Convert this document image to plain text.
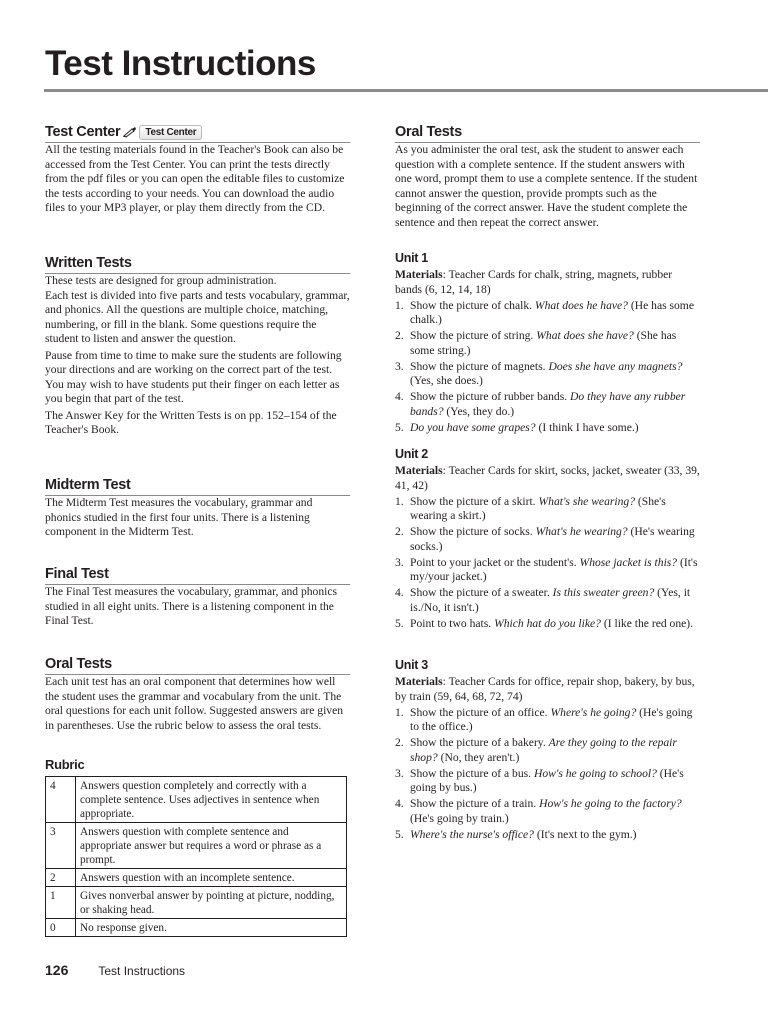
Test Instructions
Test Center	Test Center

All the testing materials found in the Teacher's Book can also be accessed from the Test Center. You can print the tests directly from the pdf files or you can open the editable files to customize the tests according to your needs. You can download the audio files to your MP3 player, or play them directly from the CD.

Written Tests

These tests are designed for group administration.

Each test is divided into five parts and tests vocabulary, grammar, and phonics. All the questions are multiple choice, matching, numbering, or fill in the blank. Some questions require the student to listen and answer the question.

Pause from time to time to make sure the students are following your directions and are working on the correct part of the test. You may wish to have students put their finger on each letter as you begin that part of the test.

The Answer Key for the Written Tests is on pp. 152–154 of the Teacher's Book.

Midterm Test

The Midterm Test measures the vocabulary, grammar and phonics studied in the first four units. There is a listening component in the Midterm Test.

Final Test

The Final Test measures the vocabulary, grammar, and phonics studied in all eight units. There is a listening component in the Final Test.

Oral Tests

Each unit test has an oral component that determines how well the student uses the grammar and vocabulary from the unit. The oral questions for each unit follow. Suggested answers are given in parentheses. Use the rubric below to assess the oral tests.

Rubric
4	Answers question completely and correctly with a complete sentence. Uses adjectives in sentence when appropriate.
3	Answers question with complete sentence and appropriate answer but requires a word or phrase as a prompt.
2	Answers question with an incomplete sentence.
1	Gives nonverbal answer by pointing at picture, nodding, or shaking head.
0	No response given.
Oral Tests

As you administer the oral test, ask the student to answer each question with a complete sentence. If the student answers with one word, prompt them to use a complete sentence. If the student cannot answer the question, provide prompts such as the beginning of the correct answer. Have the student complete the sentence and then repeat the correct answer.

Unit 1

Materials: Teacher Cards for chalk, string, magnets, rubber bands (6, 12, 14, 18)

1. Show the picture of chalk. What does he have? (He has some chalk.)
2. Show the picture of string. What does she have? (She has some string.)
3. Show the picture of magnets. Does she have any magnets? (Yes, she does.)
4. Show the picture of rubber bands. Do they have any rubber bands? (Yes, they do.)
5. Do you have some grapes? (I think I have some.)
Unit 2

Materials: Teacher Cards for skirt, socks, jacket, sweater (33, 39, 41, 42)

1. Show the picture of a skirt. What's she wearing? (She's wearing a skirt.)
2. Show the picture of socks. What's he wearing? (He's wearing socks.)
3. Point to your jacket or the student's. Whose jacket is this? (It's my/your jacket.)
4. Show the picture of a sweater. Is this sweater green? (Yes, it is./No, it isn't.)
5. Point to two hats. Which hat do you like? (I like the red one).
Unit 3

Materials: Teacher Cards for office, repair shop, bakery, by bus, by train (59, 64, 68, 72, 74)

1. Show the picture of an office. Where's he going? (He's going to the office.)
2. Show the picture of a bakery. Are they going to the repair shop? (No, they aren't.)
3. Show the picture of a bus. How's he going to school? (He's going by bus.)
4. Show the picture of a train. How's he going to the factory? (He's going by train.)
5. Where's the nurse's office? (It's next to the gym.)
126	Test Instructions
